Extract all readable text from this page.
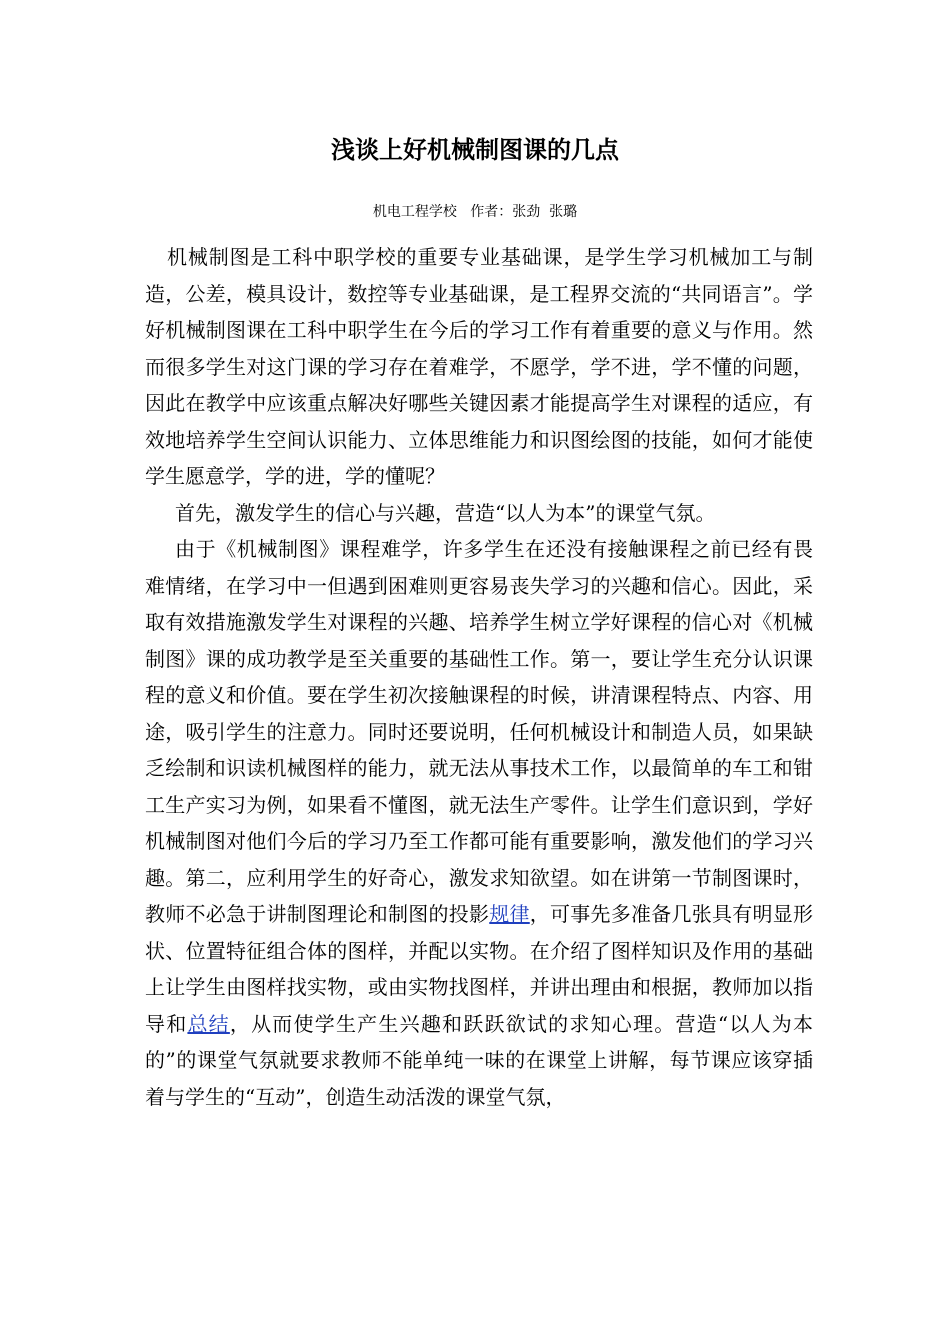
浅谈上好机械制图课的几点
机电工程学校   作者：张劲  张璐

机械制图是工科中职学校的重要专业基础课，是学生学习机械加工与制造，公差，模具设计，数控等专业基础课，是工程界交流的“共同语言”。学好机械制图课在工科中职学生在今后的学习工作有着重要的意义与作用。然而很多学生对这门课的学习存在着难学，不愿学，学不进，学不懂的问题，因此在教学中应该重点解决好哪些关键因素才能提高学生对课程的适应，有效地培养学生空间认识能力、立体思维能力和识图绘图的技能，如何才能使学生愿意学，学的进，学的懂呢？

首先，激发学生的信心与兴趣，营造“以人为本”的课堂气氛。

由于《机械制图》课程难学，许多学生在还没有接触课程之前已经有畏难情绪，在学习中一但遇到困难则更容易丧失学习的兴趣和信心。因此，采取有效措施激发学生对课程的兴趣、培养学生树立学好课程的信心对《机械制图》课的成功教学是至关重要的基础性工作。第一，要让学生充分认识课程的意义和价值。要在学生初次接触课程的时候，讲清课程特点、内容、用途，吸引学生的注意力。同时还要说明，任何机械设计和制造人员，如果缺乏绘制和识读机械图样的能力，就无法从事技术工作，以最简单的车工和钳工生产实习为例，如果看不懂图，就无法生产零件。让学生们意识到，学好机械制图对他们今后的学习乃至工作都可能有重要影响，激发他们的学习兴趣。第二，应利用学生的好奇心，激发求知欲望。如在讲第一节制图课时，教师不必急于讲制图理论和制图的投影规律，可事先多准备几张具有明显形状、位置特征组合体的图样，并配以实物。在介绍了图样知识及作用的基础上让学生由图样找实物，或由实物找图样，并讲出理由和根据，教师加以指导和总结，从而使学生产生兴趣和跃跃欲试的求知心理。营造“以人为本的”的课堂气氛就要求教师不能单纯一味的在课堂上讲解，每节课应该穿插着与学生的“互动”，创造生动活泼的课堂气氛，
